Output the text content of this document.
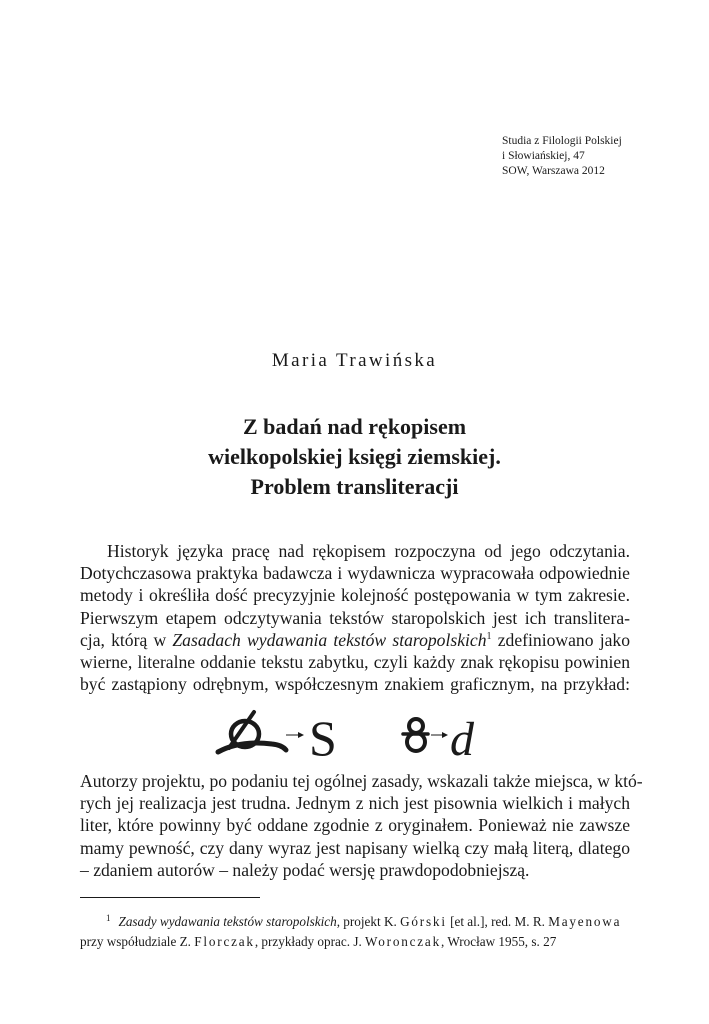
Studia z Filologii Polskiej
i Słowiańskiej, 47
SOW, Warszawa 2012
Maria Trawińska
Z badań nad rękopisem
wielkopolskiej księgi ziemskiej.
Problem transliteracji
Historyk języka pracę nad rękopisem rozpoczyna od jego odczytania.
Dotychczasowa praktyka badawcza i wydawnicza wypracowała odpowiednie
metody i określiła dość precyzyjnie kolejność postępowania w tym zakresie.
Pierwszym etapem odczytywania tekstów staropolskich jest ich translitera-
cja, którą w Zasadach wydawania tekstów staropolskich$^1$ zdefiniowano jako
wierne, literalne oddanie tekstu zabytku, czyli każdy znak rękopisu powinien
być zastąpiony odrębnym, współczesnym znakiem graficznym, na przykład:
S d
Autorzy projektu, po podaniu tej ogólnej zasady, wskazali także miejsca, w któ-
rych jej realizacja jest trudna. Jednym z nich jest pisownia wielkich i małych
liter, które powinny być oddane zgodnie z oryginałem. Ponieważ nie zawsze
mamy pewność, czy dany wyraz jest napisany wielką czy małą literą, dlatego
– zdaniem autorów – należy podać wersję prawdopodobniejszą.
$^1$ Zasady wydawania tekstów staropolskich, projekt K. Górski [et al.], red. M. R. Mayenowa
przy współudziale Z. Florczak, przykłady oprac. J. Woronczak, Wrocław 1955, s. 27
